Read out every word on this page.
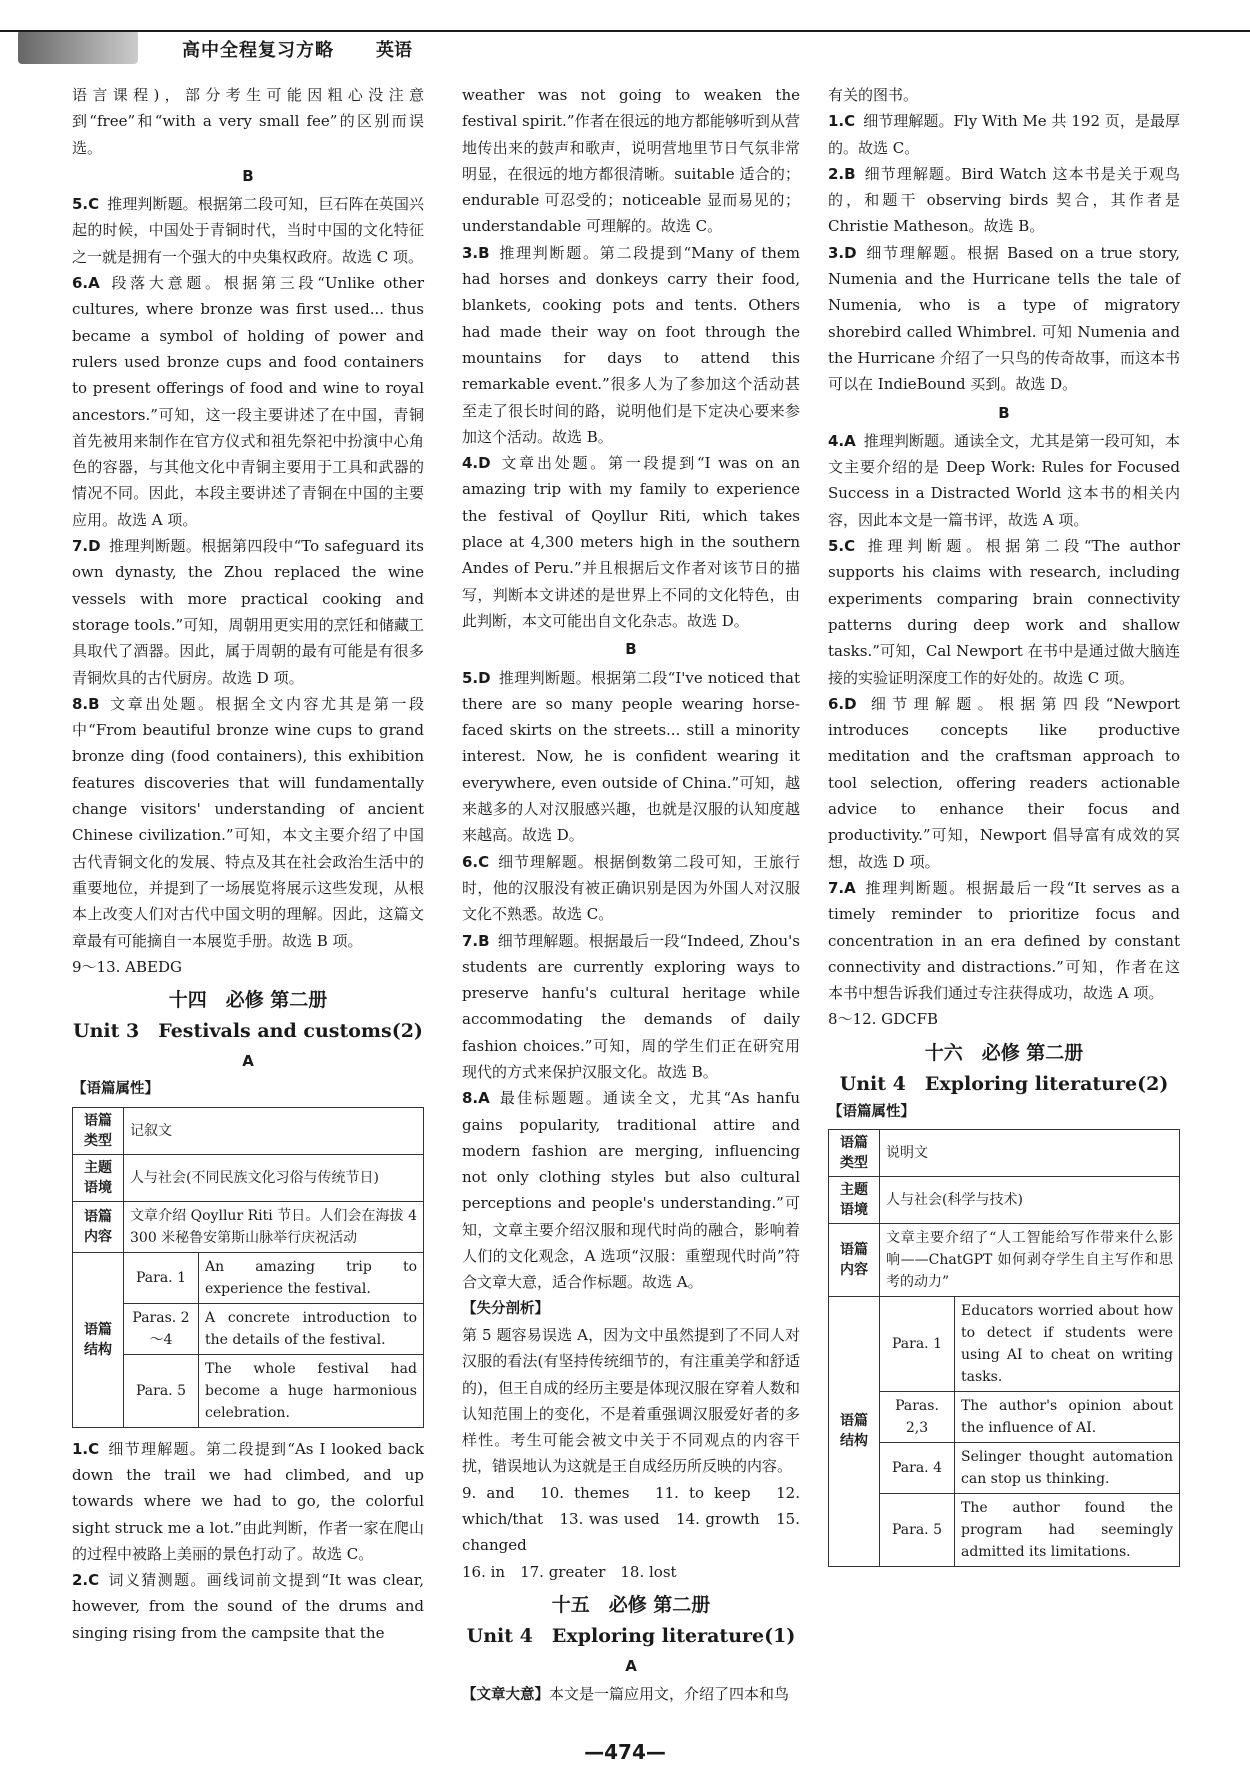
高中全程复习方略 英语

语言课程)，部分考生可能因粗心没注意到“free”和“with a very small fee”的区别而误选。

B

5.C 推理判断题。根据第二段可知，巨石阵在英国兴起的时候，中国处于青铜时代，当时中国的文化特征之一就是拥有一个强大的中央集权政府。故选 C 项。

6.A 段落大意题。根据第三段“Unlike other cultures, where bronze was first used... thus became a symbol of holding of power and rulers used bronze cups and food containers to present offerings of food and wine to royal ancestors.”可知，这一段主要讲述了在中国，青铜首先被用来制作在官方仪式和祖先祭祀中扮演中心角色的容器，与其他文化中青铜主要用于工具和武器的情况不同。因此，本段主要讲述了青铜在中国的主要应用。故选 A 项。

7.D 推理判断题。根据第四段中“To safeguard its own dynasty, the Zhou replaced the wine vessels with more practical cooking and storage tools.”可知，周朝用更实用的烹饪和储藏工具取代了酒器。因此，属于周朝的最有可能是有很多青铜炊具的古代厨房。故选 D 项。

8.B 文章出处题。根据全文内容尤其是第一段中“From beautiful bronze wine cups to grand bronze ding (food containers), this exhibition features discoveries that will fundamentally change visitors' understanding of ancient Chinese civilization.”可知，本文主要介绍了中国古代青铜文化的发展、特点及其在社会政治生活中的重要地位，并提到了一场展览将展示这些发现，从根本上改变人们对古代中国文明的理解。因此，这篇文章最有可能摘自一本展览手册。故选 B 项。

9～13. ABEDG

十四　必修 第二册
Unit 3　Festivals and customs(2)
A
【语篇属性】
语篇类型	记叙文	
主题语境	人与社会(不同民族文化习俗与传统节日)	
语篇内容	文章介绍 Qoyllur Riti 节日。人们会在海拔 4 300 米秘鲁安第斯山脉举行庆祝活动	
语篇结构	Para. 1	An amazing trip to experience the festival.
	Paras. 2～4	A concrete introduction to the details of the festival.
	Para. 5	The whole festival had become a huge harmonious celebration.

1.C 细节理解题。第二段提到“As I looked back down the trail we had climbed, and up towards where we had to go, the colorful sight struck me a lot.”由此判断，作者一家在爬山的过程中被路上美丽的景色打动了。故选 C。

2.C 词义猜测题。画线词前文提到“It was clear, however, from the sound of the drums and singing rising from the campsite that the

weather was not going to weaken the festival spirit.”作者在很远的地方都能够听到从营地传出来的鼓声和歌声，说明营地里节日气氛非常明显，在很远的地方都很清晰。suitable 适合的；endurable 可忍受的；noticeable 显而易见的；understandable 可理解的。故选 C。

3.B 推理判断题。第二段提到“Many of them had horses and donkeys carry their food, blankets, cooking pots and tents. Others had made their way on foot through the mountains for days to attend this remarkable event.”很多人为了参加这个活动甚至走了很长时间的路，说明他们是下定决心要来参加这个活动。故选 B。

4.D 文章出处题。第一段提到“I was on an amazing trip with my family to experience the festival of Qoyllur Riti, which takes place at 4,300 meters high in the southern Andes of Peru.”并且根据后文作者对该节日的描写，判断本文讲述的是世界上不同的文化特色，由此判断，本文可能出自文化杂志。故选 D。

B

5.D 推理判断题。根据第二段“I've noticed that there are so many people wearing horse-faced skirts on the streets... still a minority interest. Now, he is confident wearing it everywhere, even outside of China.”可知，越来越多的人对汉服感兴趣，也就是汉服的认知度越来越高。故选 D。

6.C 细节理解题。根据倒数第二段可知，王旅行时，他的汉服没有被正确识别是因为外国人对汉服文化不熟悉。故选 C。

7.B 细节理解题。根据最后一段“Indeed, Zhou's students are currently exploring ways to preserve hanfu's cultural heritage while accommodating the demands of daily fashion choices.”可知，周的学生们正在研究用现代的方式来保护汉服文化。故选 B。

8.A 最佳标题题。通读全文，尤其“As hanfu gains popularity, traditional attire and modern fashion are merging, influencing not only clothing styles but also cultural perceptions and people's understanding.”可知，文章主要介绍汉服和现代时尚的融合，影响着人们的文化观念，A 选项“汉服：重塑现代时尚”符合文章大意，适合作标题。故选 A。

【失分剖析】

第 5 题容易误选 A，因为文中虽然提到了不同人对汉服的看法(有坚持传统细节的，有注重美学和舒适的)，但王自成的经历主要是体现汉服在穿着人数和认知范围上的变化，不是着重强调汉服爱好者的多样性。考生可能会被文中关于不同观点的内容干扰，错误地认为这就是王自成经历所反映的内容。

9. and　10. themes　11. to keep　12. which/that　13. was used　14. growth　15. changed

16. in　17. greater　18. lost

十五　必修 第二册
Unit 4　Exploring literature(1)
A

【文章大意】本文是一篇应用文，介绍了四本和鸟

有关的图书。

1.C 细节理解题。Fly With Me 共 192 页，是最厚的。故选 C。

2.B 细节理解题。Bird Watch 这本书是关于观鸟的，和题干 observing birds 契合，其作者是 Christie Matheson。故选 B。

3.D 细节理解题。根据 Based on a true story, Numenia and the Hurricane tells the tale of Numenia, who is a type of migratory shorebird called Whimbrel. 可知 Numenia and the Hurricane 介绍了一只鸟的传奇故事，而这本书可以在 IndieBound 买到。故选 D。

B

4.A 推理判断题。通读全文，尤其是第一段可知，本文主要介绍的是 Deep Work: Rules for Focused Success in a Distracted World 这本书的相关内容，因此本文是一篇书评，故选 A 项。

5.C 推理判断题。根据第二段“The author supports his claims with research, including experiments comparing brain connectivity patterns during deep work and shallow tasks.”可知，Cal Newport 在书中是通过做大脑连接的实验证明深度工作的好处的。故选 C 项。

6.D 细节理解题。根据第四段“Newport introduces concepts like productive meditation and the craftsman approach to tool selection, offering readers actionable advice to enhance their focus and productivity.”可知，Newport 倡导富有成效的冥想，故选 D 项。

7.A 推理判断题。根据最后一段“It serves as a timely reminder to prioritize focus and concentration in an era defined by constant connectivity and distractions.”可知，作者在这本书中想告诉我们通过专注获得成功，故选 A 项。

8～12. GDCFB

十六　必修 第二册
Unit 4　Exploring literature(2)
【语篇属性】
语篇类型	说明文	
主题语境	人与社会(科学与技术)	
语篇内容	文章主要介绍了“人工智能给写作带来什么影响——ChatGPT 如何剥夺学生自主写作和思考的动力”	
语篇结构	Para. 1	Educators worried about how to detect if students were using AI to cheat on writing tasks.
	Paras. 2,3	The author's opinion about the influence of AI.
	Para. 4	Selinger thought automation can stop us thinking.
	Para. 5	The author found the program had seemingly admitted its limitations.
—474—
